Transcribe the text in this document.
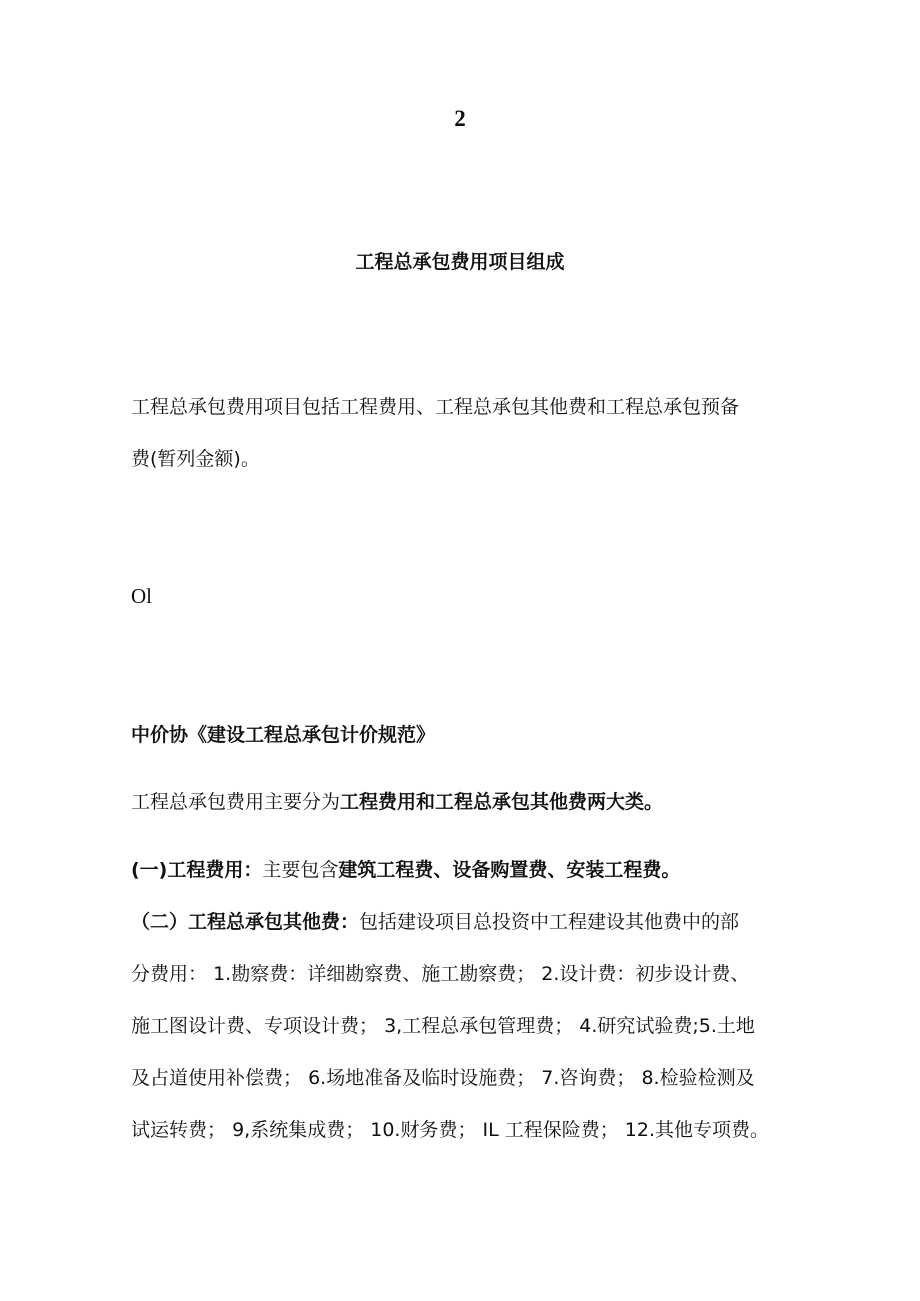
2
工程总承包费用项目组成
工程总承包费用项目包括工程费用、工程总承包其他费和工程总承包预备
费(暂列金额)。
Ol
中价协《建设工程总承包计价规范》
工程总承包费用主要分为工程费用和工程总承包其他费两大类。
(一)工程费用：主要包含建筑工程费、设备购置费、安装工程费。
（二）工程总承包其他费：包括建设项目总投资中工程建设其他费中的部
分费用： 1.勘察费：详细勘察费、施工勘察费； 2.设计费：初步设计费、
施工图设计费、专项设计费； 3,工程总承包管理费； 4.研究试验费;5.土地
及占道使用补偿费； 6.场地准备及临时设施费； 7.咨询费； 8.检验检测及
试运转费； 9,系统集成费； 10.财务费； IL 工程保险费； 12.其他专项费。
